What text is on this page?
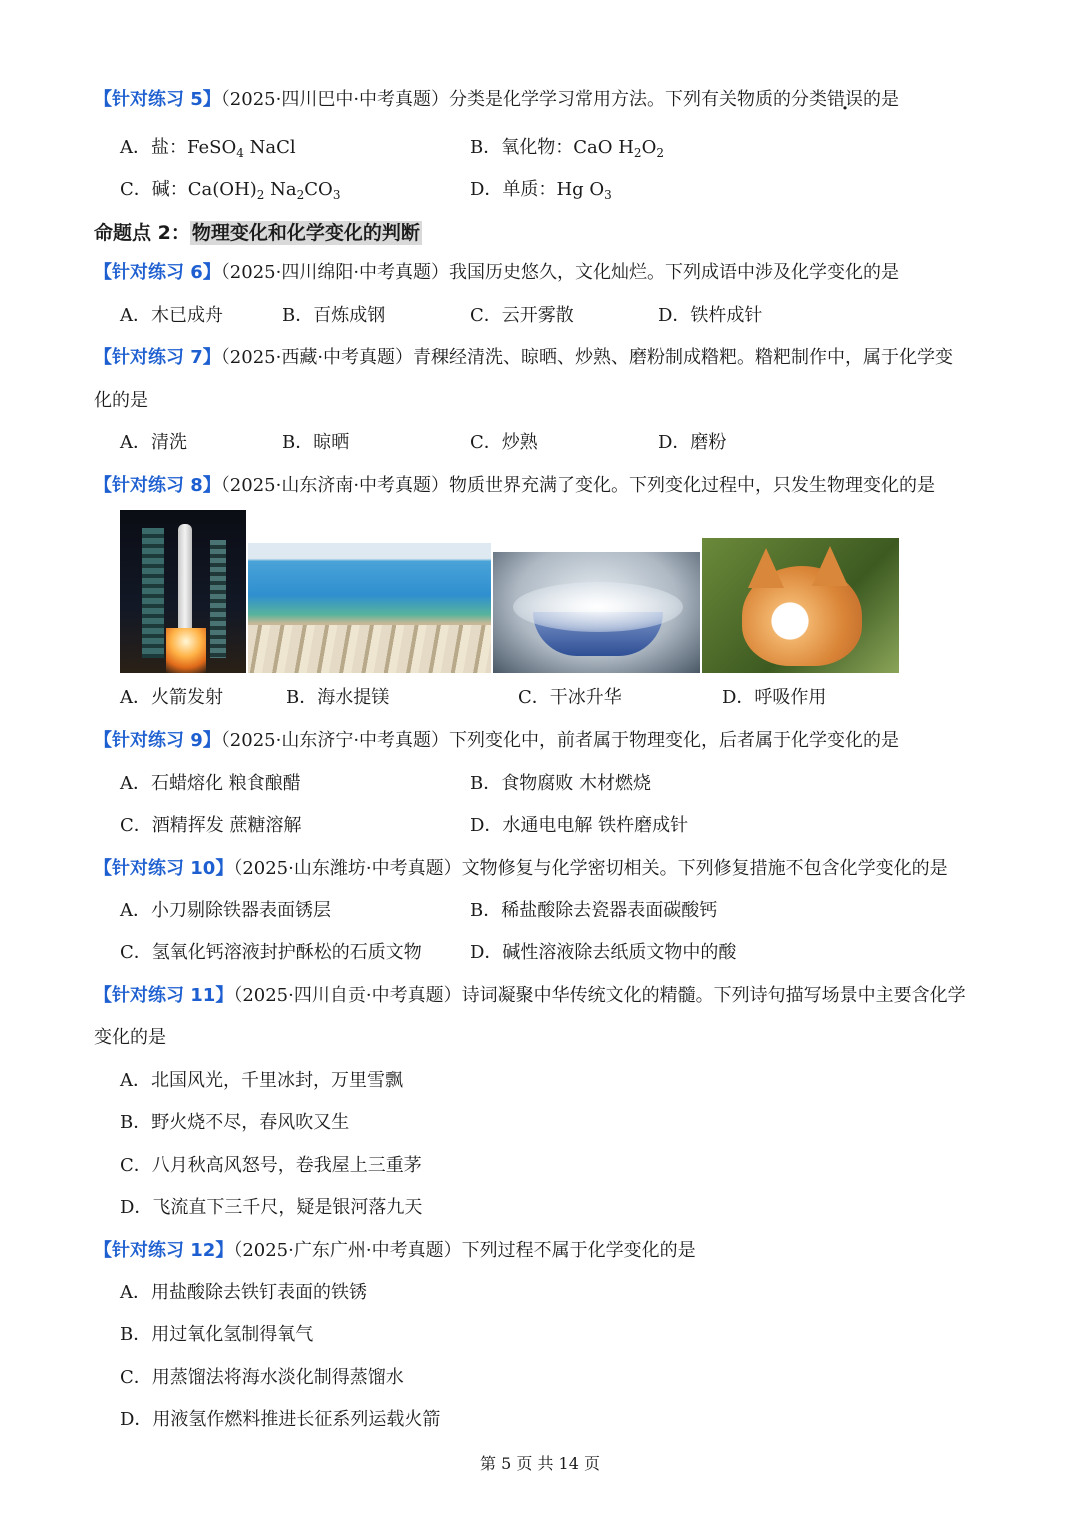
【针对练习 5】（2025·四川巴中·中考真题）分类是化学学习常用方法。下列有关物质的分类错误的是
A．盐：FeSO$_4$ NaCl	B．氧化物：CaO $H_2O_2$
C．碱：$Ca(OH)_2$ $Na_2CO_3$	D．单质：Hg $O_3$
命题点 2： 物理变化和化学变化的判断
【针对练习 6】（2025·四川绵阳·中考真题）我国历史悠久，文化灿烂。下列成语中涉及化学变化的是
A．木已成舟	B．百炼成钢	C．云开雾散	D．铁杵成针
【针对练习 7】（2025·西藏·中考真题）青稞经清洗、晾晒、炒熟、磨粉制成糌粑。糌粑制作中，属于化学变
化的是
A．清洗	B．晾晒	C．炒熟	D．磨粉
【针对练习 8】（2025·山东济南·中考真题）物质世界充满了变化。下列变化过程中，只发生物理变化的是
A．火箭发射	B．海水提镁	C．干冰升华	D．呼吸作用
【针对练习 9】（2025·山东济宁·中考真题）下列变化中，前者属于物理变化，后者属于化学变化的是
A．石蜡熔化 粮食酿醋	B．食物腐败 木材燃烧
C．酒精挥发 蔗糖溶解	D．水通电电解 铁杵磨成针
【针对练习 10】（2025·山东潍坊·中考真题）文物修复与化学密切相关。下列修复措施不包含化学变化的是
A．小刀剔除铁器表面锈层	B．稀盐酸除去瓷器表面碳酸钙
C．氢氧化钙溶液封护酥松的石质文物	D．碱性溶液除去纸质文物中的酸
【针对练习 11】（2025·四川自贡·中考真题）诗词凝聚中华传统文化的精髓。下列诗句描写场景中主要含化学
变化的是
A．北国风光，千里冰封，万里雪飘
B．野火烧不尽，春风吹又生
C．八月秋高风怒号，卷我屋上三重茅
D．飞流直下三千尺，疑是银河落九天
【针对练习 12】（2025·广东广州·中考真题）下列过程不属于化学变化的是
A．用盐酸除去铁钉表面的铁锈
B．用过氧化氢制得氧气
C．用蒸馏法将海水淡化制得蒸馏水
D．用液氢作燃料推进长征系列运载火箭
第 5 页 共 14 页
